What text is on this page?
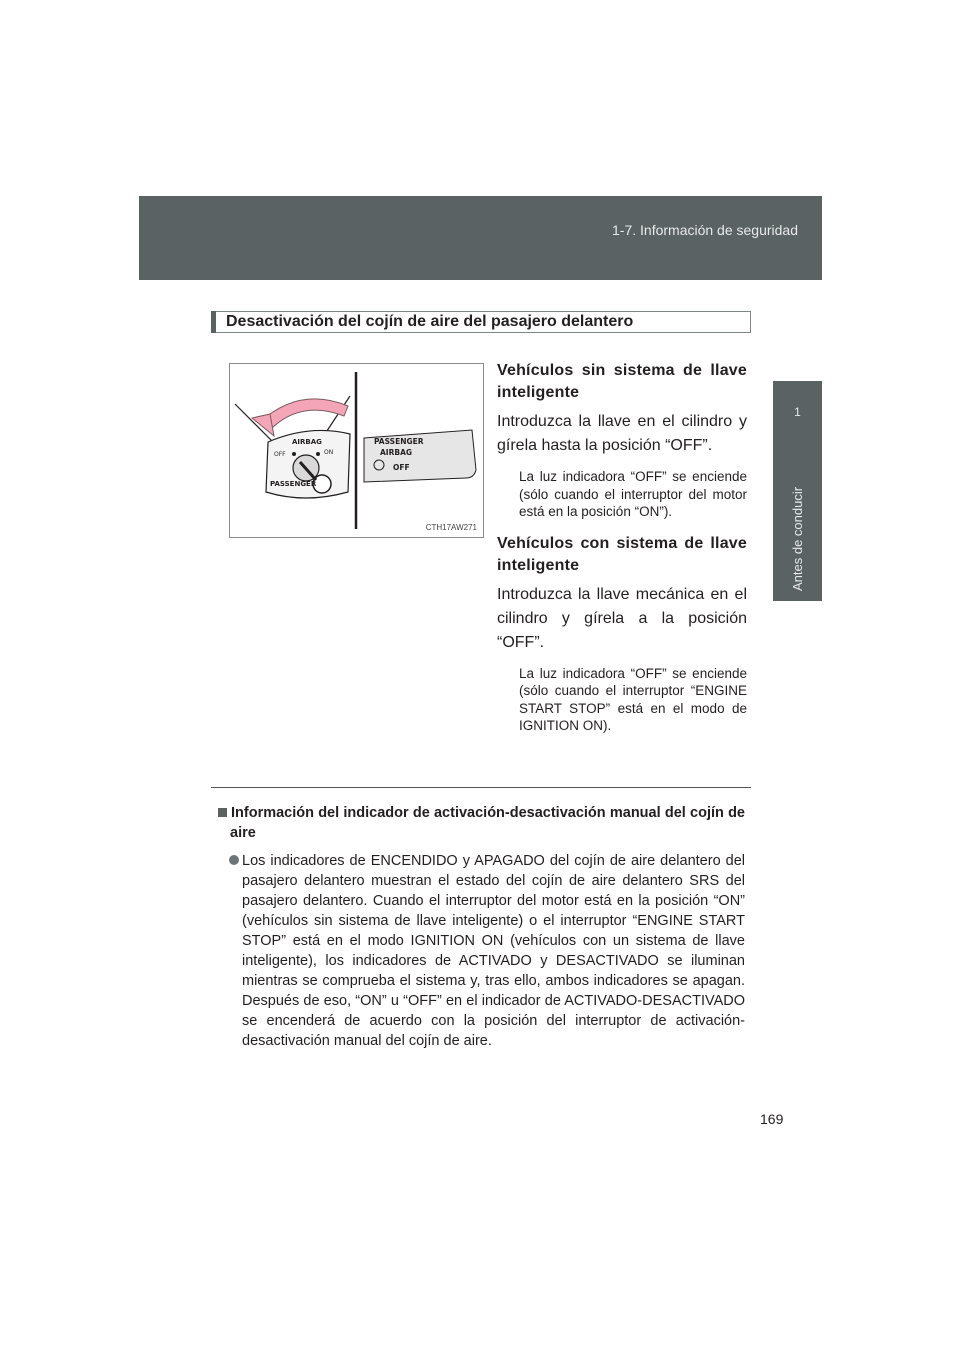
1-7. Información de seguridad
1
Antes de conducir
Desactivación del cojín de aire del pasajero delantero
AIRBAG
OFF	ON
PASSENGER
PASSENGER
AIRBAG
OFF
CTH17AW271

Vehículos sin sistema de llave inteligente

Introduzca la llave en el cilindro y gírela hasta la posición “OFF”.

La luz indicadora “OFF” se enciende (sólo cuando el interruptor del motor está en la posición “ON”).

Vehículos con sistema de llave inteligente

Introduzca la llave mecánica en el cilindro y gírela a la posición “OFF”.

La luz indicadora “OFF” se enciende (sólo cuando el interruptor “ENGINE START STOP” está en el modo de IGNITION ON).

Información del indicador de activación-desactivación manual del cojín de aire

Los indicadores de ENCENDIDO y APAGADO del cojín de aire delantero del pasajero delantero muestran el estado del cojín de aire delantero SRS del pasajero delantero. Cuando el interruptor del motor está en la posición “ON” (vehículos sin sistema de llave inteligente) o el interruptor “ENGINE START STOP” está en el modo IGNITION ON (vehículos con un sistema de llave inteligente), los indicadores de ACTIVADO y DESACTIVADO se iluminan mientras se comprueba el sistema y, tras ello, ambos indicadores se apagan. Después de eso, “ON” u “OFF” en el indicador de ACTIVADO-DESACTIVADO se encenderá de acuerdo con la posición del interruptor de activación-desactivación manual del cojín de aire.

169
